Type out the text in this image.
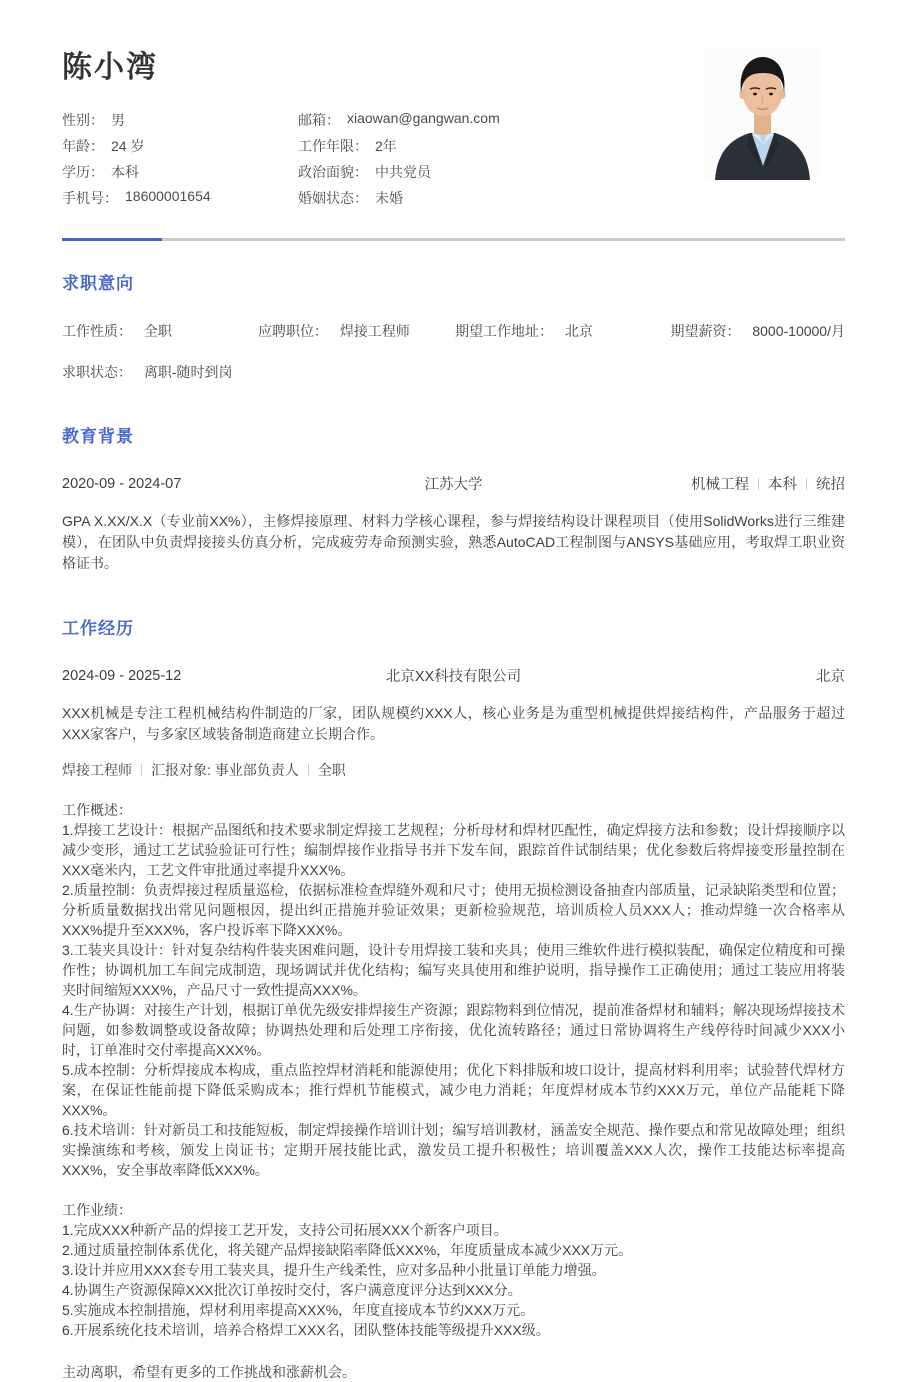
陈小湾
性别： 男
年龄： 24 岁
学历： 本科
手机号： 18600001654
邮箱： xiaowan@gangwan.com
工作年限： 2年
政治面貌： 中共党员
婚姻状态： 未婚
求职意向
工作性质： 全职	应聘职位： 焊接工程师	期望工作地址： 北京	期望薪资： 8000-10000/月
求职状态： 离职-随时到岗
教育背景
2020-09 - 2024-07	江苏大学	机械工程 本科 统招

GPA X.XX/X.X（专业前XX%），主修焊接原理、材料力学核心课程，参与焊接结构设计课程项目（使用SolidWorks进行三维建模），在团队中负责焊接接头仿真分析，完成疲劳寿命预测实验，熟悉AutoCAD工程制图与ANSYS基础应用，考取焊工职业资格证书。

工作经历
2024-09 - 2025-12	北京XX科技有限公司	北京

XXX机械是专注工程机械结构件制造的厂家，团队规模约XXX人，核心业务是为重型机械提供焊接结构件，产品服务于超过XXX家客户，与多家区域装备制造商建立长期合作。

焊接工程师 汇报对象: 事业部负责人 全职

工作概述：

1.焊接工艺设计：根据产品图纸和技术要求制定焊接工艺规程；分析母材和焊材匹配性，确定焊接方法和参数；设计焊接顺序以减少变形，通过工艺试验验证可行性；编制焊接作业指导书并下发车间，跟踪首件试制结果；优化参数后将焊接变形量控制在XXX毫米内，工艺文件审批通过率提升XXX%。

2.质量控制：负责焊接过程质量巡检，依据标准检查焊缝外观和尺寸；使用无损检测设备抽查内部质量，记录缺陷类型和位置；分析质量数据找出常见问题根因，提出纠正措施并验证效果；更新检验规范，培训质检人员XXX人；推动焊缝一次合格率从XXX%提升至XXX%，客户投诉率下降XXX%。

3.工装夹具设计：针对复杂结构件装夹困难问题，设计专用焊接工装和夹具；使用三维软件进行模拟装配，确保定位精度和可操作性；协调机加工车间完成制造，现场调试并优化结构；编写夹具使用和维护说明，指导操作工正确使用；通过工装应用将装夹时间缩短XXX%，产品尺寸一致性提高XXX%。

4.生产协调：对接生产计划，根据订单优先级安排焊接生产资源；跟踪物料到位情况，提前准备焊材和辅料；解决现场焊接技术问题，如参数调整或设备故障；协调热处理和后处理工序衔接，优化流转路径；通过日常协调将生产线停待时间减少XXX小时，订单准时交付率提高XXX%。

5.成本控制：分析焊接成本构成，重点监控焊材消耗和能源使用；优化下料排版和坡口设计，提高材料利用率；试验替代焊材方案，在保证性能前提下降低采购成本；推行焊机节能模式，减少电力消耗；年度焊材成本节约XXX万元，单位产品能耗下降XXX%。

6.技术培训：针对新员工和技能短板，制定焊接操作培训计划；编写培训教材，涵盖安全规范、操作要点和常见故障处理；组织实操演练和考核，颁发上岗证书；定期开展技能比武，激发员工提升积极性；培训覆盖XXX人次，操作工技能达标率提高XXX%，安全事故率降低XXX%。

工作业绩：

1.完成XXX种新产品的焊接工艺开发，支持公司拓展XXX个新客户项目。

2.通过质量控制体系优化，将关键产品焊接缺陷率降低XXX%，年度质量成本减少XXX万元。

3.设计并应用XXX套专用工装夹具，提升生产线柔性，应对多品种小批量订单能力增强。

4.协调生产资源保障XXX批次订单按时交付，客户满意度评分达到XXX分。

5.实施成本控制措施，焊材利用率提高XXX%，年度直接成本节约XXX万元。

6.开展系统化技术培训，培养合格焊工XXX名，团队整体技能等级提升XXX级。

主动离职，希望有更多的工作挑战和涨薪机会。
